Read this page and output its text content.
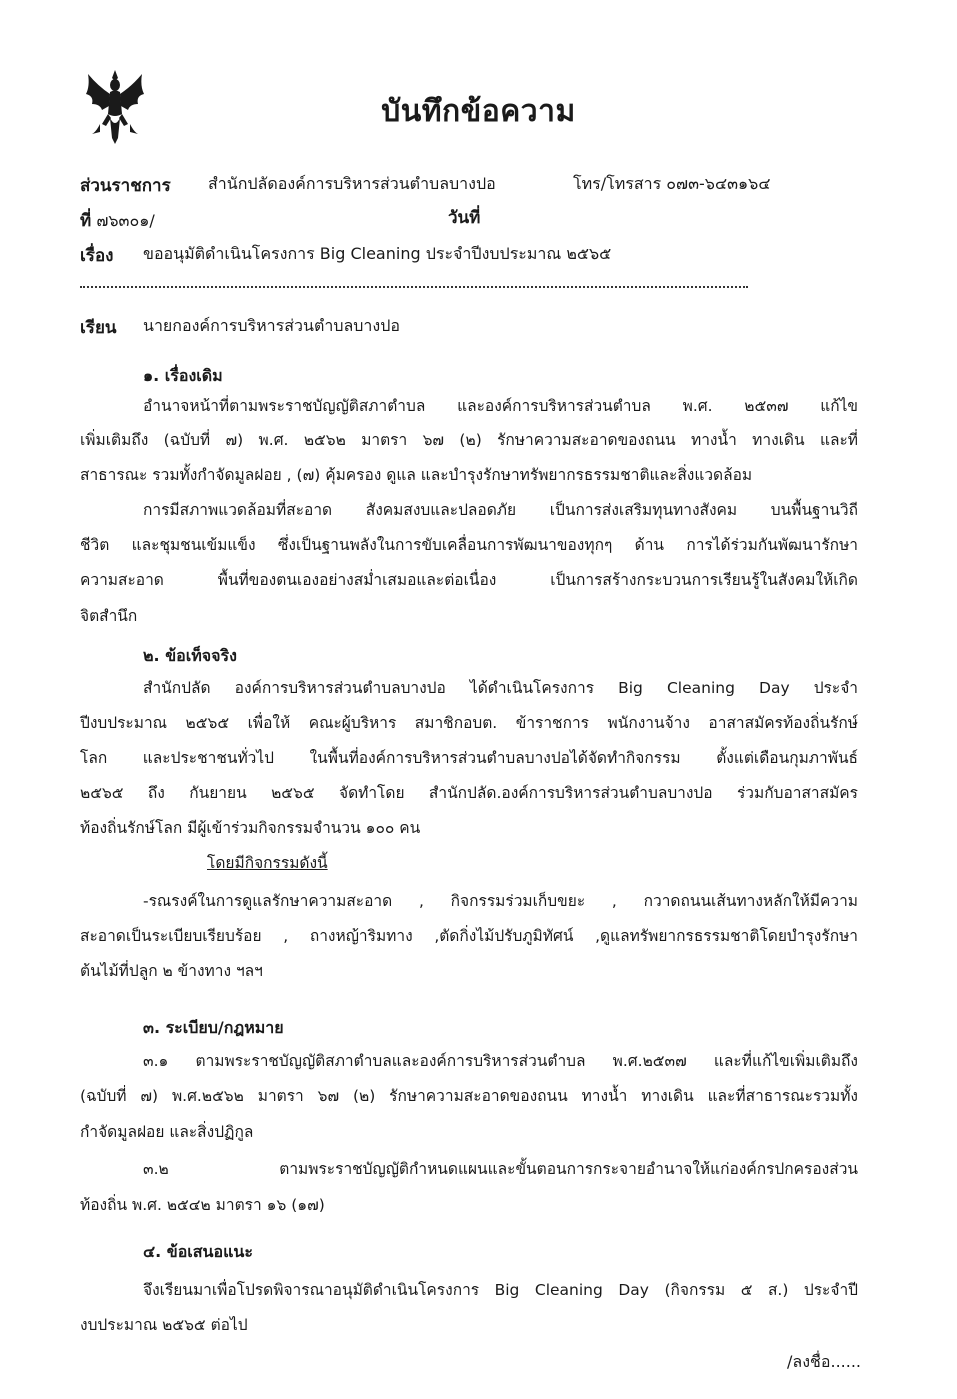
บันทึกข้อความ
ส่วนราชการ สำนักปลัดองค์การบริหารส่วนตำบลบางปอ	โทร/โทรสาร ๐๗๓-๖๔๓๑๖๔
ที่ ๗๖๓๐๑/	วันที่
เรื่อง ขออนุมัติดำเนินโครงการ Big Cleaning ประจำปีงบประมาณ ๒๕๖๕
เรียน นายกองค์การบริหารส่วนตำบลบางปอ
๑. เรื่องเดิม
อำนาจหน้าที่ตามพระราชบัญญัติสภาตำบล และองค์การบริหารส่วนตำบล พ.ศ. ๒๕๓๗ แก้ไข
เพิ่มเติมถึง (ฉบับที่ ๗) พ.ศ. ๒๕๖๒ มาตรา ๖๗ (๒) รักษาความสะอาดของถนน ทางน้ำ ทางเดิน และที่
สาธารณะ รวมทั้งกำจัดมูลฝอย , (๗) คุ้มครอง ดูแล และบำรุงรักษาทรัพยากรธรรมชาติและสิ่งแวดล้อม
การมีสภาพแวดล้อมที่สะอาด สังคมสงบและปลอดภัย เป็นการส่งเสริมทุนทางสังคม บนพื้นฐานวิถี
ชีวิต และชุมชนเข้มแข็ง ซึ่งเป็นฐานพลังในการขับเคลื่อนการพัฒนาของทุกๆ ด้าน การได้ร่วมกันพัฒนารักษา
ความสะอาด พื้นที่ของตนเองอย่างสม่ำเสมอและต่อเนื่อง เป็นการสร้างกระบวนการเรียนรู้ในสังคมให้เกิด
จิตสำนึก
๒. ข้อเท็จจริง
สำนักปลัด องค์การบริหารส่วนตำบลบางปอ ได้ดำเนินโครงการ Big Cleaning Day ประจำ
ปีงบประมาณ ๒๕๖๕ เพื่อให้ คณะผู้บริหาร สมาชิกอบต. ข้าราชการ พนักงานจ้าง อาสาสมัครท้องถิ่นรักษ์
โลก และประชาชนทั่วไป ในพื้นที่องค์การบริหารส่วนตำบลบางปอได้จัดทำกิจกรรม ตั้งแต่เดือนกุมภาพันธ์
๒๕๖๕ ถึง กันยายน ๒๕๖๕ จัดทำโดย สำนักปลัด.องค์การบริหารส่วนตำบลบางปอ ร่วมกับอาสาสมัคร
ท้องถิ่นรักษ์โลก มีผู้เข้าร่วมกิจกรรมจำนวน ๑๐๐ คน
โดยมีกิจกรรมดังนี้
-รณรงค์ในการดูแลรักษาความสะอาด , กิจกรรมร่วมเก็บขยะ , กวาดถนนเส้นทางหลักให้มีความ
สะอาดเป็นระเบียบเรียบร้อย , ถางหญ้าริมทาง ,ตัดกิ่งไม้ปรับภูมิทัศน์ ,ดูแลทรัพยากรธรรมชาติโดยบำรุงรักษา
ต้นไม้ที่ปลูก ๒ ข้างทาง ฯลฯ
๓. ระเบียบ/กฎหมาย
๓.๑ ตามพระราชบัญญัติสภาตำบลและองค์การบริหารส่วนตำบล พ.ศ.๒๕๓๗ และที่แก้ไขเพิ่มเติมถึง
(ฉบับที่ ๗) พ.ศ.๒๕๖๒ มาตรา ๖๗ (๒) รักษาความสะอาดของถนน ทางน้ำ ทางเดิน และที่สาธารณะรวมทั้ง
กำจัดมูลฝอย และสิ่งปฏิกูล
๓.๒ ตามพระราชบัญญัติกำหนดแผนและขั้นตอนการกระจายอำนาจให้แก่องค์กรปกครองส่วน
ท้องถิ่น พ.ศ. ๒๕๔๒ มาตรา ๑๖ (๑๗)
๔. ข้อเสนอแนะ
จึงเรียนมาเพื่อโปรดพิจารณาอนุมัติดำเนินโครงการ Big Cleaning Day (กิจกรรม ๕ ส.) ประจำปี
งบประมาณ ๒๕๖๕ ต่อไป
/ลงชื่อ......
